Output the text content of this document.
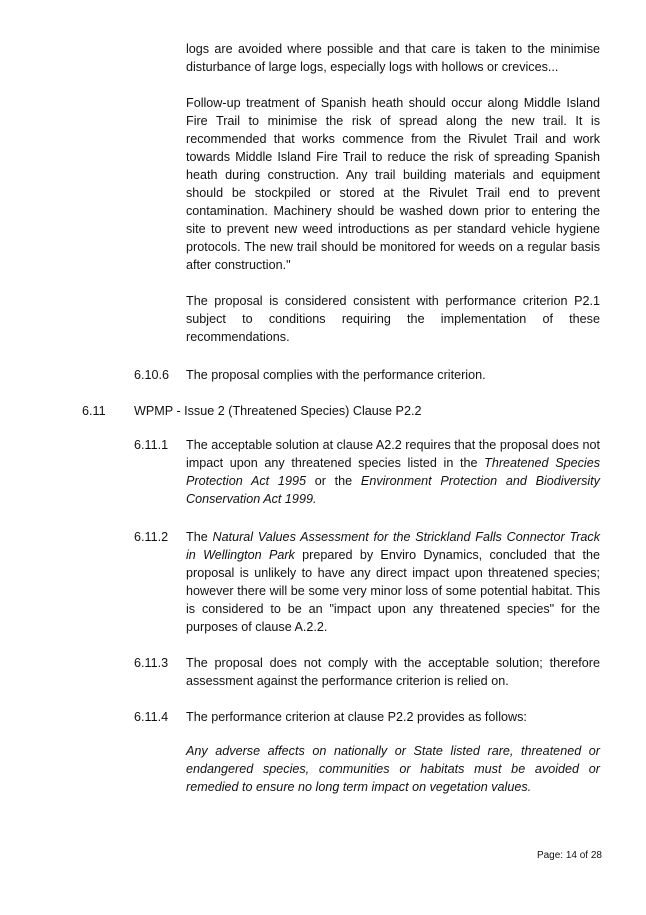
logs are avoided where possible and that care is taken to the minimise disturbance of large logs, especially logs with hollows or crevices...

Follow-up treatment of Spanish heath should occur along Middle Island Fire Trail to minimise the risk of spread along the new trail. It is recommended that works commence from the Rivulet Trail and work towards Middle Island Fire Trail to reduce the risk of spreading Spanish heath during construction. Any trail building materials and equipment should be stockpiled or stored at the Rivulet Trail end to prevent contamination. Machinery should be washed down prior to entering the site to prevent new weed introductions as per standard vehicle hygiene protocols. The new trail should be monitored for weeds on a regular basis after construction."

The proposal is considered consistent with performance criterion P2.1 subject to conditions requiring the implementation of these recommendations.

6.10.6 The proposal complies with the performance criterion.

6.11 WPMP - Issue 2 (Threatened Species) Clause P2.2
6.11.1 The acceptable solution at clause A2.2 requires that the proposal does not impact upon any threatened species listed in the Threatened Species Protection Act 1995 or the Environment Protection and Biodiversity Conservation Act 1999.

6.11.2 The Natural Values Assessment for the Strickland Falls Connector Track in Wellington Park prepared by Enviro Dynamics, concluded that the proposal is unlikely to have any direct impact upon threatened species; however there will be some very minor loss of some potential habitat. This is considered to be an "impact upon any threatened species" for the purposes of clause A.2.2.

6.11.3 The proposal does not comply with the acceptable solution; therefore assessment against the performance criterion is relied on.

6.11.4 The performance criterion at clause P2.2 provides as follows:

Any adverse affects on nationally or State listed rare, threatened or endangered species, communities or habitats must be avoided or remedied to ensure no long term impact on vegetation values.

Page: 14 of 28
